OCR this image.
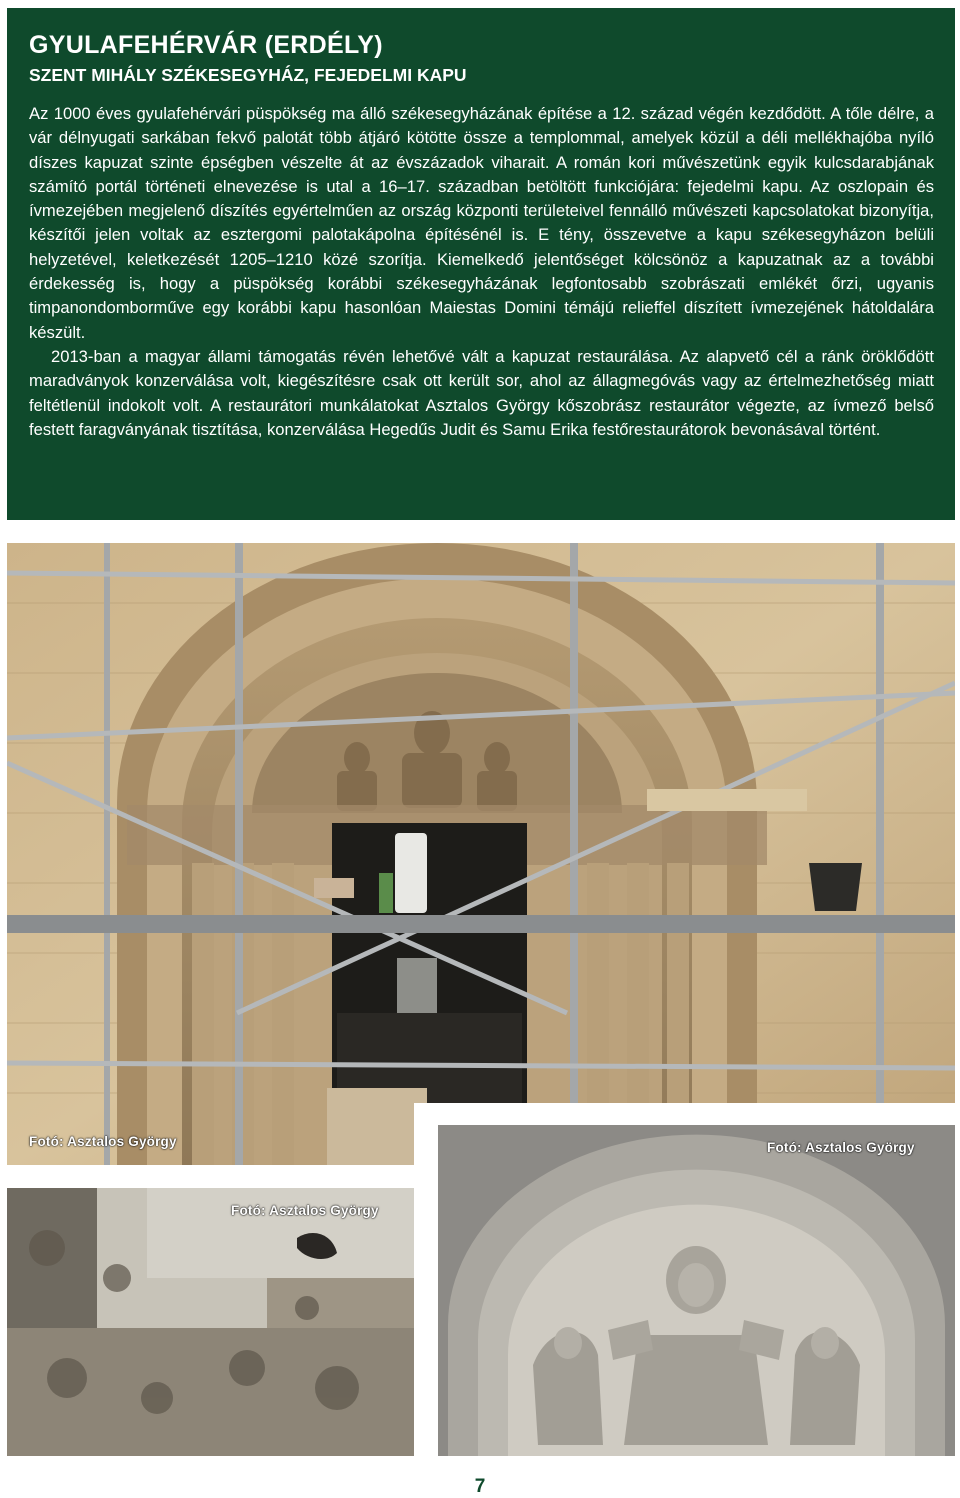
GYULAFEHÉRVÁR (ERDÉLY)
SZENT MIHÁLY SZÉKESEGYHÁZ, FEJEDELMI KAPU

Az 1000 éves gyulafehérvári püspökség ma álló székesegyházának építése a 12. század végén kezdődött. A tőle délre, a vár délnyugati sarkában fekvő palotát több átjáró kötötte össze a templommal, amelyek közül a déli mellékhajóba nyíló díszes kapuzat szinte épségben vészelte át az évszázadok viharait. A román kori művészetünk egyik kulcsdarabjának számító portál történeti elnevezése is utal a 16–17. században betöltött funkciójára: fejedelmi kapu. Az oszlopain és ívmezejében megjelenő díszítés egyértelműen az ország központi területeivel fennálló művészeti kapcsolatokat bizonyítja, készítői jelen voltak az esztergomi palotakápolna építésénél is. E tény, összevetve a kapu székesegyházon belüli helyzetével, keletkezését 1205–1210 közé szorítja. Kiemelkedő jelentőséget kölcsönöz a kapuzatnak az a további érdekesség is, hogy a püspökség korábbi székesegyházának legfontosabb szobrászati emlékét őrzi, ugyanis timpanondomborműve egy korábbi kapu hasonlóan Maiestas Domini témájú relieffel díszített ívmezejének hátoldalára készült.

2013-ban a magyar állami támogatás révén lehetővé vált a kapuzat restaurálása. Az alapvető cél a ránk öröklődött maradványok konzerválása volt, kiegészítésre csak ott került sor, ahol az állagmegóvás vagy az értelmezhetőség miatt feltétlenül indokolt volt. A restaurátori munkálatokat Asztalos György kőszobrász restaurátor végezte, az ívmező belső festett faragványának tisztítása, konzerválása Hegedűs Judit és Samu Erika festőrestaurátorok bevonásával történt.

Fotó: Asztalos György
Fotó: Asztalos György
Fotó: Asztalos György
7
